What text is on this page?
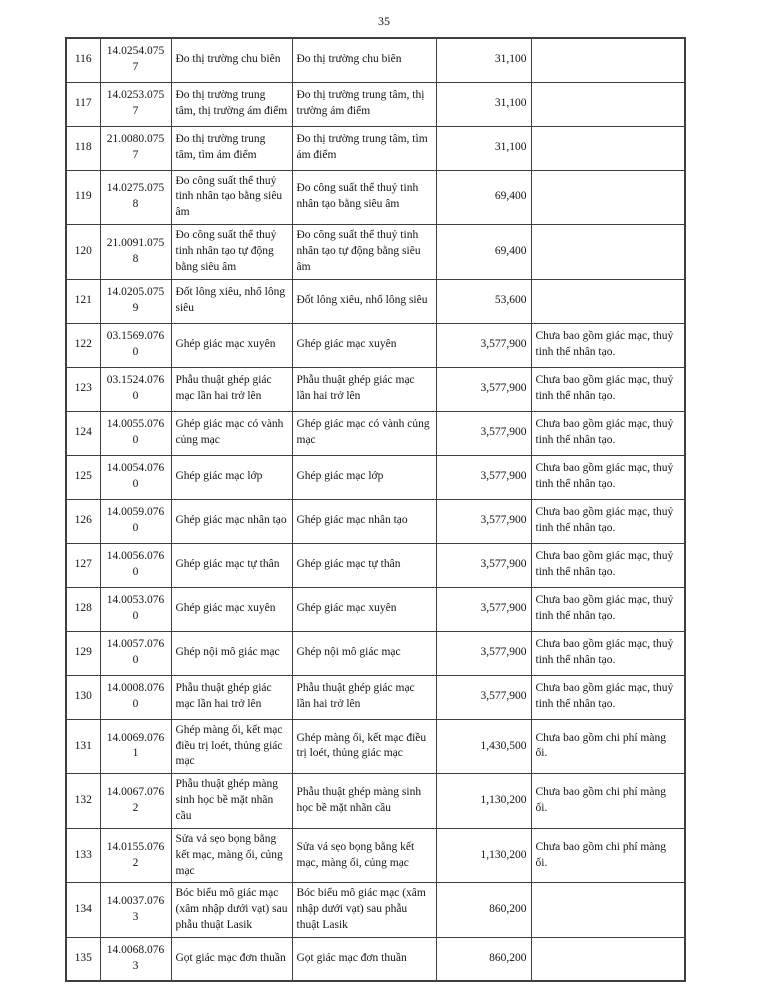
35
116	14.0254.0757	Đo thị trường chu biên	Đo thị trường chu biên	31,100	
117	14.0253.0757	Đo thị trường trung tâm, thị trường ám điểm	Đo thị trường trung tâm, thị trường ám điểm	31,100	
118	21.0080.0757	Đo thị trường trung tâm, tìm ám điểm	Đo thị trường trung tâm, tìm ám điểm	31,100	
119	14.0275.0758	Đo công suất thể thuỷ tinh nhân tạo bằng siêu âm	Đo công suất thể thuỷ tinh nhân tạo bằng siêu âm	69,400	
120	21.0091.0758	Đo công suất thể thuỷ tinh nhân tạo tự động bằng siêu âm	Đo công suất thể thuỷ tinh nhân tạo tự động bằng siêu âm	69,400	
121	14.0205.0759	Đốt lông xiêu, nhổ lông siêu	Đốt lông xiêu, nhổ lông siêu	53,600	
122	03.1569.0760	Ghép giác mạc xuyên	Ghép giác mạc xuyên	3,577,900	Chưa bao gồm giác mạc, thuỷ tinh thể nhân tạo.
123	03.1524.0760	Phẫu thuật ghép giác mạc lần hai trở lên	Phẫu thuật ghép giác mạc lần hai trở lên	3,577,900	Chưa bao gồm giác mạc, thuỷ tinh thể nhân tạo.
124	14.0055.0760	Ghép giác mạc có vành củng mạc	Ghép giác mạc có vành củng mạc	3,577,900	Chưa bao gồm giác mạc, thuỷ tinh thể nhân tạo.
125	14.0054.0760	Ghép giác mạc lớp	Ghép giác mạc lớp	3,577,900	Chưa bao gồm giác mạc, thuỷ tinh thể nhân tạo.
126	14.0059.0760	Ghép giác mạc nhân tạo	Ghép giác mạc nhân tạo	3,577,900	Chưa bao gồm giác mạc, thuỷ tinh thể nhân tạo.
127	14.0056.0760	Ghép giác mạc tự thân	Ghép giác mạc tự thân	3,577,900	Chưa bao gồm giác mạc, thuỷ tinh thể nhân tạo.
128	14.0053.0760	Ghép giác mạc xuyên	Ghép giác mạc xuyên	3,577,900	Chưa bao gồm giác mạc, thuỷ tinh thể nhân tạo.
129	14.0057.0760	Ghép nội mô giác mạc	Ghép nội mô giác mạc	3,577,900	Chưa bao gồm giác mạc, thuỷ tinh thể nhân tạo.
130	14.0008.0760	Phẫu thuật ghép giác mạc lần hai trở lên	Phẫu thuật ghép giác mạc lần hai trở lên	3,577,900	Chưa bao gồm giác mạc, thuỷ tinh thể nhân tạo.
131	14.0069.0761	Ghép màng ối, kết mạc điều trị loét, thủng giác mạc	Ghép màng ối, kết mạc điều trị loét, thủng giác mạc	1,430,500	Chưa bao gồm chi phí màng ối.
132	14.0067.0762	Phẫu thuật ghép màng sinh học bề mặt nhãn cầu	Phẫu thuật ghép màng sinh học bề mặt nhãn cầu	1,130,200	Chưa bao gồm chi phí màng ối.
133	14.0155.0762	Sửa vá sẹo bọng bằng kết mạc, màng ối, củng mạc	Sửa vá sẹo bọng bằng kết mạc, màng ối, củng mạc	1,130,200	Chưa bao gồm chi phí màng ối.
134	14.0037.0763	Bóc biểu mô giác mạc (xâm nhập dưới vạt) sau phẫu thuật Lasik	Bóc biểu mô giác mạc (xâm nhập dưới vạt) sau phẫu thuật Lasik	860,200	
135	14.0068.0763	Gọt giác mạc đơn thuần	Gọt giác mạc đơn thuần	860,200	
